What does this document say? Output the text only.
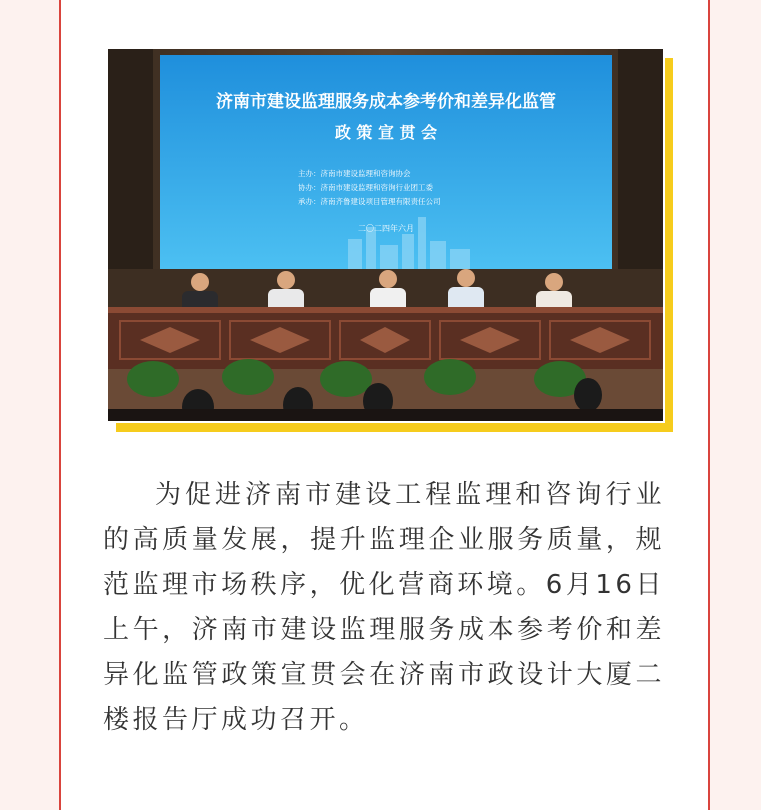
济南市建设监理服务成本参考价和差异化监管
政 策 宣 贯 会
主办：济南市建设监理和咨询协会
协办：济南市建设监理和咨询行业团工委
承办：济南齐鲁建设项目管理有限责任公司
二〇二四年六月

为促进济南市建设工程监理和咨询行业的高质量发展，提升监理企业服务质量，规范监理市场秩序，优化营商环境。6月16日上午，济南市建设监理服务成本参考价和差异化监管政策宣贯会在济南市政设计大厦二楼报告厅成功召开。
